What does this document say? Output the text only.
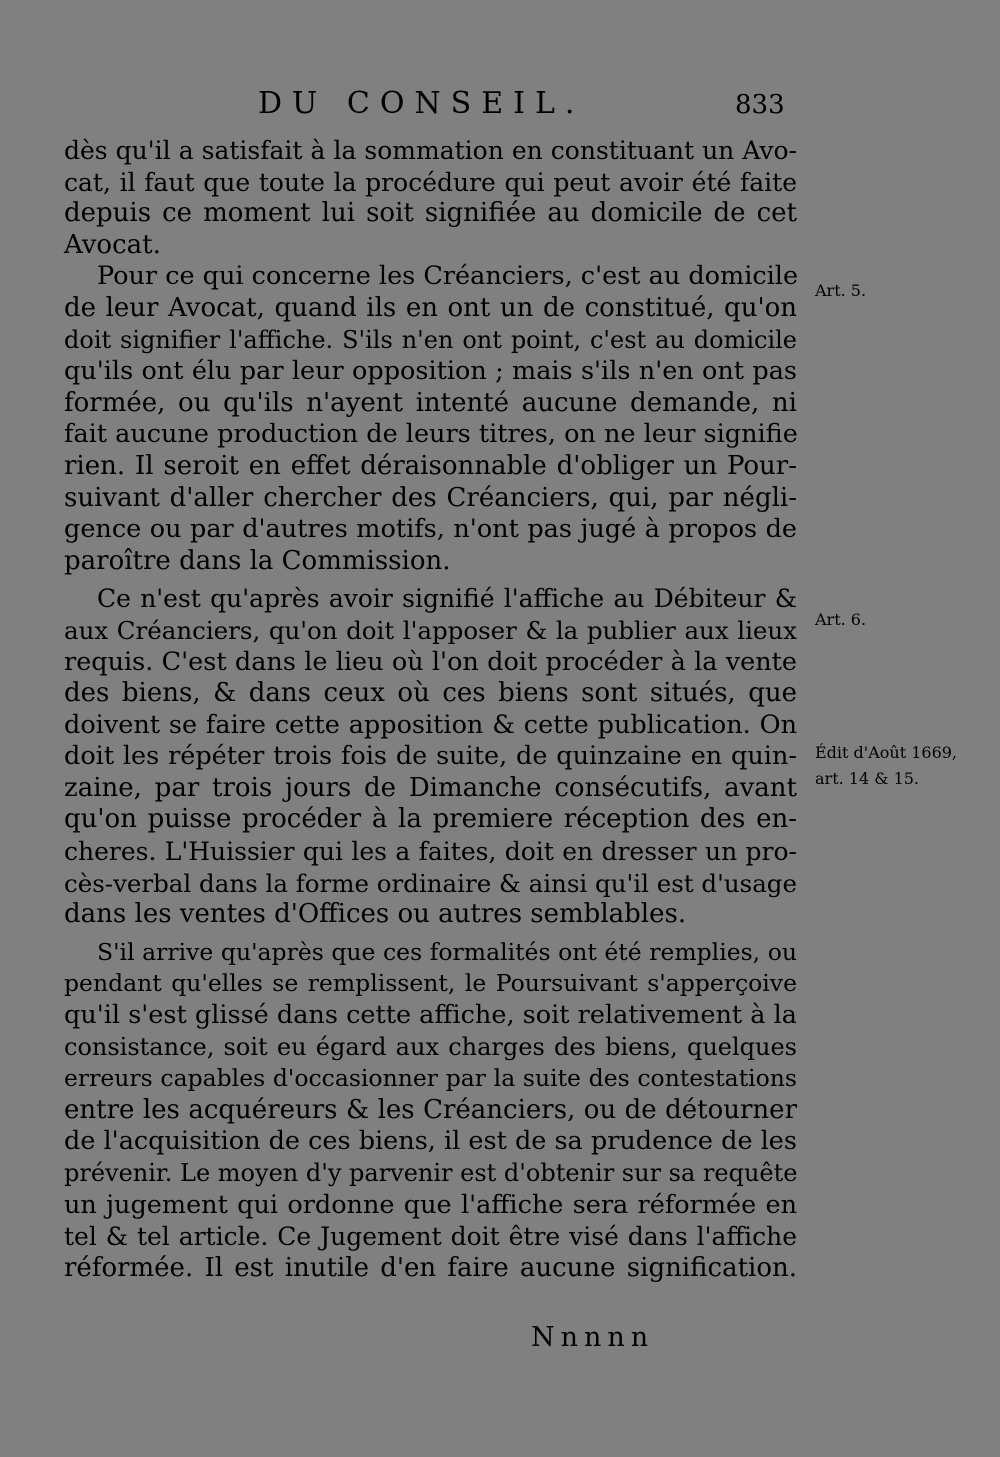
DU CONSEIL.	833
dès qu'il a satisfait à la sommation en constituant un Avo-
cat, il faut que toute la procédure qui peut avoir été faite
depuis ce moment lui soit signifiée au domicile de cet
Avocat.
Pour ce qui concerne les Créanciers, c'est au domicile
de leur Avocat, quand ils en ont un de constitué, qu'on
doit signifier l'affiche. S'ils n'en ont point, c'est au domicile
qu'ils ont élu par leur opposition ; mais s'ils n'en ont pas
formée, ou qu'ils n'ayent intenté aucune demande, ni
fait aucune production de leurs titres, on ne leur signifie
rien. Il seroit en effet déraisonnable d'obliger un Pour-
suivant d'aller chercher des Créanciers, qui, par négli-
gence ou par d'autres motifs, n'ont pas jugé à propos de
paroître dans la Commission.
Ce n'est qu'après avoir signifié l'affiche au Débiteur &
aux Créanciers, qu'on doit l'apposer & la publier aux lieux
requis. C'est dans le lieu où l'on doit procéder à la vente
des biens, & dans ceux où ces biens sont situés, que
doivent se faire cette apposition & cette publication. On
doit les répéter trois fois de suite, de quinzaine en quin-
zaine, par trois jours de Dimanche consécutifs, avant
qu'on puisse procéder à la premiere réception des en-
cheres. L'Huissier qui les a faites, doit en dresser un pro-
cès-verbal dans la forme ordinaire & ainsi qu'il est d'usage
dans les ventes d'Offices ou autres semblables.
S'il arrive qu'après que ces formalités ont été remplies, ou
pendant qu'elles se remplissent, le Poursuivant s'apperçoive
qu'il s'est glissé dans cette affiche, soit relativement à la
consistance, soit eu égard aux charges des biens, quelques
erreurs capables d'occasionner par la suite des contestations
entre les acquéreurs & les Créanciers, ou de détourner
de l'acquisition de ces biens, il est de sa prudence de les
prévenir. Le moyen d'y parvenir est d'obtenir sur sa requête
un jugement qui ordonne que l'affiche sera réformée en
tel & tel article. Ce Jugement doit être visé dans l'affiche
réformée. Il est inutile d'en faire aucune signification.
Art. 5.
Art. 6.
Édit d'Août 1669,
art. 14 & 15.
Nnnnn
